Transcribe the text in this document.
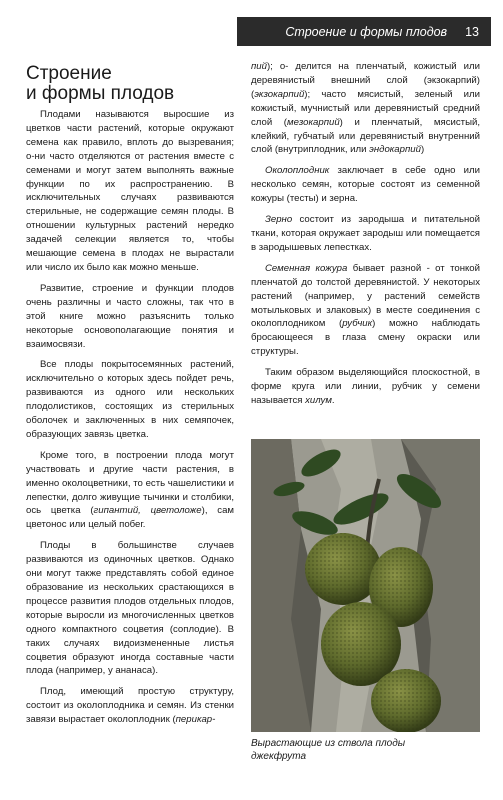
Строение и формы плодов 13
Строение
и формы плодов

Плодами называются выросшие из цветков части растений, которые окружают семена как правило, вплоть до вызревания; о-ни часто отделяются от растения вместе с семенами и могут затем выполнять важные функции по их распространению. В исключительных случаях развиваются стерильные, не содержащие семян плоды. В отношении культурных растений нередко задачей селекции является то, чтобы мешающие семена в плодах не вырастали или число их было как можно меньше.

Развитие, строение и функции плодов очень различны и часто сложны, так что в этой книге можно разъяснить только некоторые основополагающие понятия и взаимосвязи.

Все плоды покрытосемянных растений, исключительно о которых здесь пойдет речь, развиваются из одного или нескольких плодолистиков, состоящих из стерильных оболочек и заключенных в них семяпочек, образующих завязь цветка.

Кроме того, в построении плода могут участвовать и другие части растения, в именно околоцветники, то есть чашелистики и лепестки, долго живущие тычинки и столбики, ось цветка (гипантий, цветоложе), сам цветонос или целый побег.

Плоды в большинстве случаев развиваются из одиночных цветков. Однако они могут также представлять собой единое образование из нескольких срастающихся в процессе развития плодов отдельных плодов, которые выросли из многочисленных цветков одного компактного соцветия (соплодие). В таких случаях видоизмененные листья соцветия образуют иногда составные части плода (например, у ананаса).

Плод, имеющий простую структуру, состоит из околоплодника и семян. Из стенки завязи вырастает околоплодник (перикар-

пий); о- делится на пленчатый, кожистый или деревянистый внешний слой (экзокарпий) (экзокарпий); часто мясистый, зеленый или кожистый, мучнистый или деревянистый средний слой (мезокарпий) и пленчатый, мясистый, клейкий, губчатый или деревянистый внутренний слой (внутриплодник, или эндокарпий)

Околоплодник заключает в себе одно или несколько семян, которые состоят из семенной кожуры (тесты) и зерна.

Зерно состоит из зародыша и питательной ткани, которая окружает зародыш или помещается в зародышевых лепестках.

Семенная кожура бывает разной - от тонкой пленчатой до толстой деревянистой. У некоторых растений (например, у растений семейств мотыльковых и злаковых) в месте соединения с околоплодником (рубчик) можно наблюдать бросающееся в глаза смену окраски или структуры.

Таким образом выделяющийся плоскостной, в форме круга или линии, рубчик у семени называется хилум.

Вырастающие из ствола плоды
джекфрута
